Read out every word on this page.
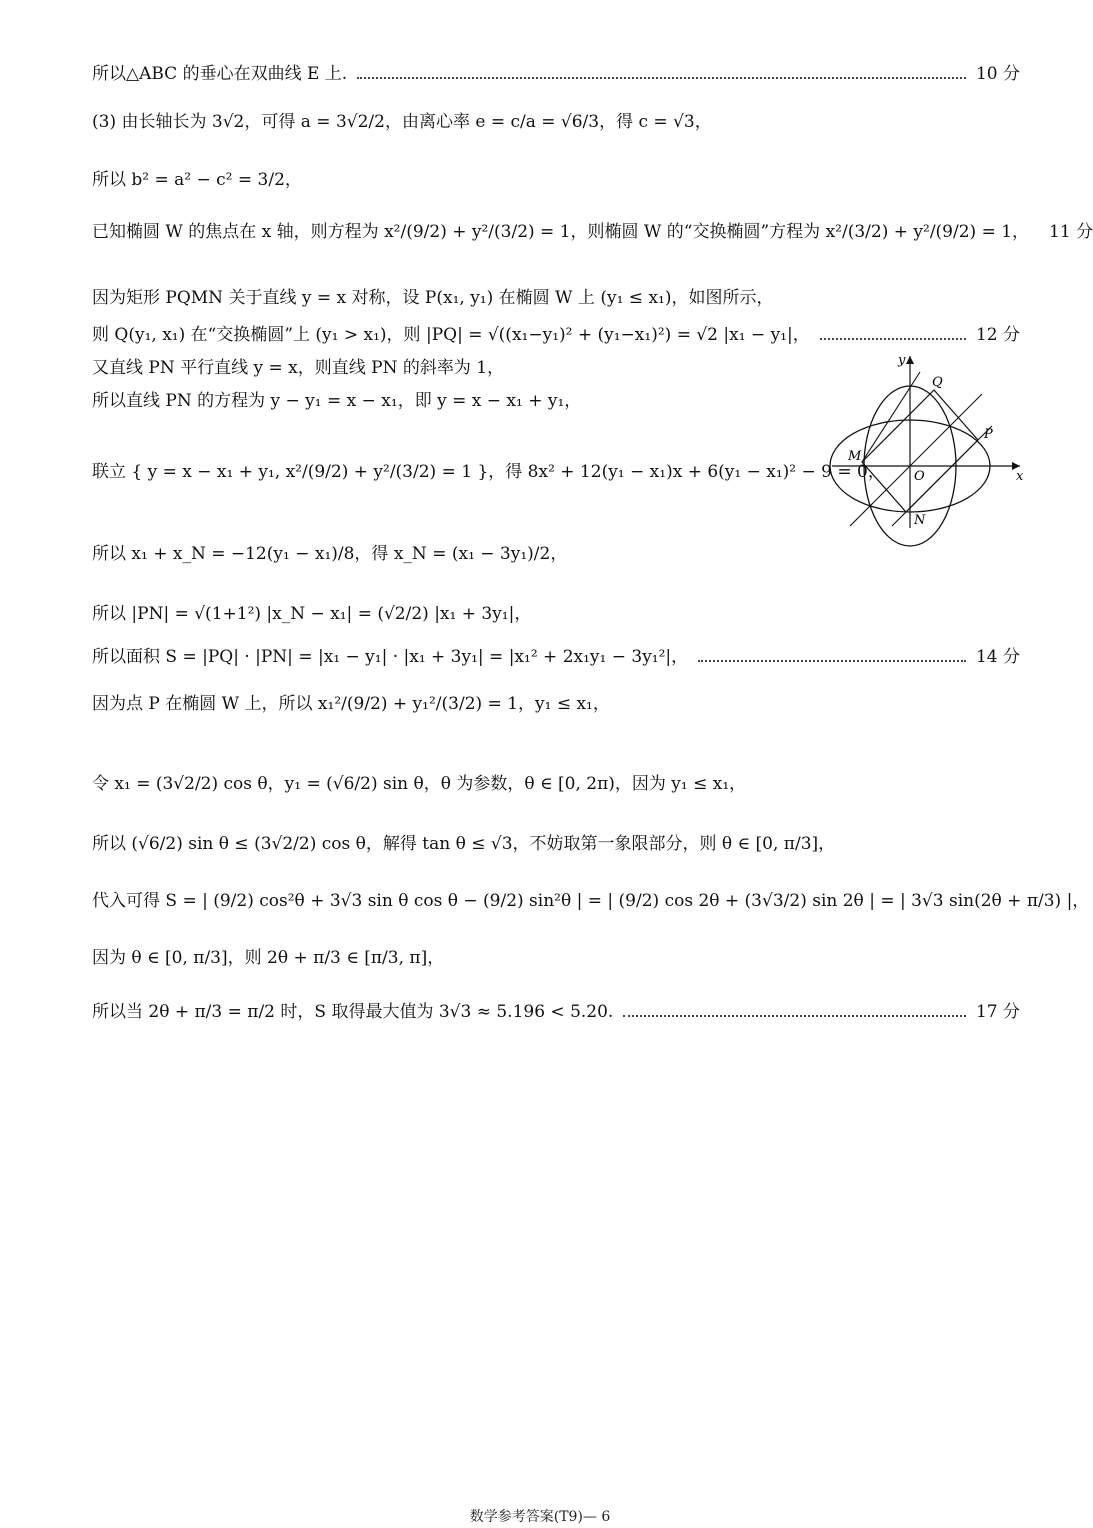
所以△ABC 的垂心在双曲线 E 上.	10 分
(3) 由长轴长为 3√2，可得 a = 3√2/2，由离心率 e = c/a = √6/3，得 c = √3，
所以 b² = a² − c² = 3/2，
已知椭圆 W 的焦点在 x 轴，则方程为 x²/(9/2) + y²/(3/2) = 1，则椭圆 W 的“交换椭圆”方程为 x²/(3/2) + y²/(9/2) = 1， 11 分
因为矩形 PQMN 关于直线 y = x 对称，设 P(x₁, y₁) 在椭圆 W 上 (y₁ ≤ x₁)，如图所示，
则 Q(y₁, x₁) 在“交换椭圆”上 (y₁ > x₁)，则 |PQ| = √((x₁−y₁)² + (y₁−x₁)²) = √2 |x₁ − y₁|，	12 分
又直线 PN 平行直线 y = x，则直线 PN 的斜率为 1，
所以直线 PN 的方程为 y − y₁ = x − x₁，即 y = x − x₁ + y₁，
联立 { y = x − x₁ + y₁, x²/(9/2) + y²/(3/2) = 1 }，得 8x² + 12(y₁ − x₁)x + 6(y₁ − x₁)² − 9 = 0，
所以 x₁ + x_N = −12(y₁ − x₁)/8，得 x_N = (x₁ − 3y₁)/2，
所以 |PN| = √(1+1²) |x_N − x₁| = (√2/2) |x₁ + 3y₁|，
所以面积 S = |PQ| · |PN| = |x₁ − y₁| · |x₁ + 3y₁| = |x₁² + 2x₁y₁ − 3y₁²|，	14 分
因为点 P 在椭圆 W 上，所以 x₁²/(9/2) + y₁²/(3/2) = 1，y₁ ≤ x₁，
令 x₁ = (3√2/2) cos θ，y₁ = (√6/2) sin θ，θ 为参数，θ ∈ [0, 2π)，因为 y₁ ≤ x₁，
所以 (√6/2) sin θ ≤ (3√2/2) cos θ，解得 tan θ ≤ √3，不妨取第一象限部分，则 θ ∈ [0, π/3]，
代入可得 S = | (9/2) cos²θ + 3√3 sin θ cos θ − (9/2) sin²θ | = | (9/2) cos 2θ + (3√3/2) sin 2θ | = | 3√3 sin(2θ + π/3) |，
因为 θ ∈ [0, π/3]，则 2θ + π/3 ∈ [π/3, π]，
所以当 2θ + π/3 = π/2 时，S 取得最大值为 3√3 ≈ 5.196 < 5.20.	17 分
x
y
O
P
Q
M
N
数学参考答案(T9)— 6
